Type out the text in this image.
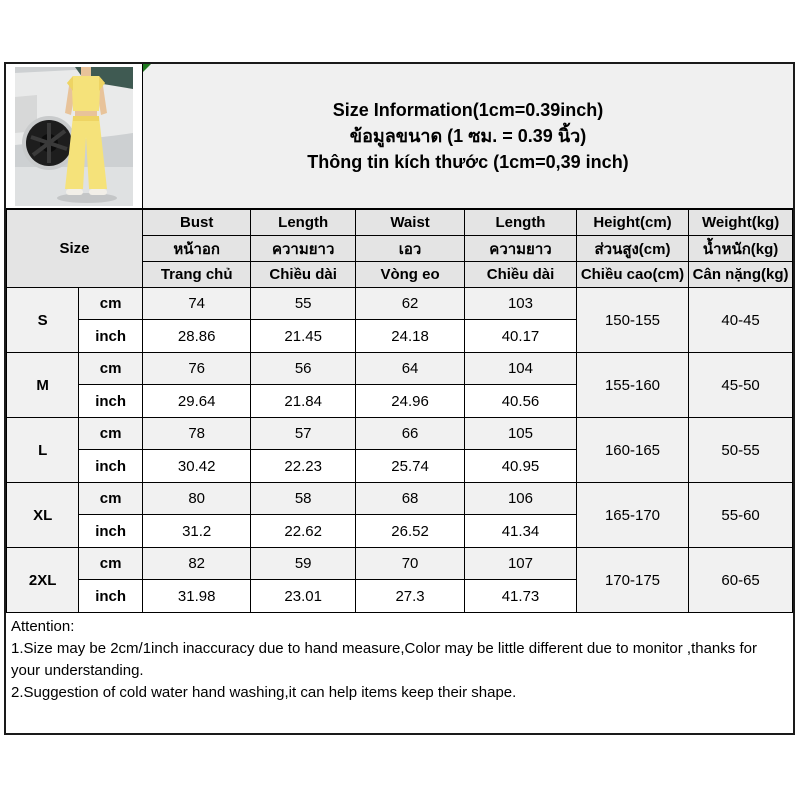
Size Information(1cm=0.39inch)
ข้อมูลขนาด (1 ซม. = 0.39 นิ้ว)
Thông tin kích thước (1cm=0,39 inch)
Size		Bust	Length	Waist	Length	Height(cm)	Weight(kg)
		หน้าอก	ความยาว	เอว	ความยาว	ส่วนสูง(cm)	น้ำหนัก(kg)
		Trang chủ	Chiều dài	Vòng eo	Chiều dài	Chiều cao(cm)	Cân nặng(kg)
S	cm	74	55	62	103	150-155	40-45
	inch	28.86	21.45	24.18	40.17		
M	cm	76	56	64	104	155-160	45-50
	inch	29.64	21.84	24.96	40.56		
L	cm	78	57	66	105	160-165	50-55
	inch	30.42	22.23	25.74	40.95		
XL	cm	80	58	68	106	165-170	55-60
	inch	31.2	22.62	26.52	41.34		
2XL	cm	82	59	70	107	170-175	60-65
	inch	31.98	23.01	27.3	41.73		
Attention:
1.Size may be 2cm/1inch inaccuracy due to hand measure,Color may be little different due to monitor ,thanks for your understanding.
2.Suggestion of cold water hand washing,it can help items keep their shape.
